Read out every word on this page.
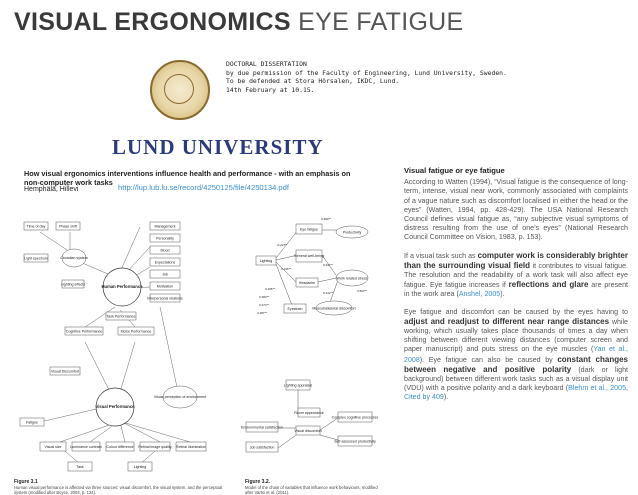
VISUAL ERGONOMICS EYE FATIGUE
DOCTORAL DISSERTATION
by due permission of the Faculty of Engineering, Lund University, Sweden.
To be defended at Stora Hörsalen, IKDC, Lund.
14th February at 10.15.
LUND UNIVERSITY
How visual ergonomics interventions influence health and performance - with an emphasis on non-computer work tasks
Hemphälä, Hillevi	http://lup.lub.lu.se/record/4250125/file/4250134.pdf
Time of day	Phase shift
Circadian system
Light spectrum
Lighting effects	Human Performance
Management
Personality
Mood
Expectations
Job
Motivation
Interpersonal relations
Task Performance
Cognitive Performance	Motor Performance
Visual Performance
Visual Discomfort
Visual perception of environment
Visual size Luminance contrast Colour difference Retinal image quality Retinal illumination
Task	Lighting
Fatigue
Figure 3.1
Human visual performance is affected via three sources: visual discomfort, the visual system, and the perceptual system (modified after Boyce, 2003, p. 124).
Eye fatigue
Productivity
Lighting
General well-being
Headache
Work related stress
Eyestrain	Musculoskeletal discomfort
0.390**
-0.227**
0.236**
0.347**
0.295**
0.442**
0.383**
0.503**
0.274**
0.387**
Lighting appraisal
Room appearance
Environmental satisfaction
Visual discomfort
Job satisfaction
Complex cognitive processes
Self-assessed productivity
Figure 3.2.
Model of the chain of variables that influence work behaviours, modified after Vartsi et al. (2011).
Visual fatigue or eye fatigue

According to Watten (1994), “Visual fatigue is the consequence of long-term, intense, visual near work, commonly associated with complaints of a vague nature such as discomfort localised in either the head or the eyes” (Watten, 1994, pp. 428-429). The USA National Research Council defines visual fatigue as, “any subjective visual symptoms of distress resulting from the use of one’s eyes” (National Research Council Committee on Vision, 1983, p. 153).

If a visual task such as computer work is considerably brighter than the surrounding visual field it contributes to visual fatigue. The resolution and the readability of a work task will also affect eye fatigue. Eye fatigue increases if reflections and glare are present in the work area (Anshel, 2005).

Eye fatigue and discomfort can be caused by the eyes having to adjust and readjust to different near range distances while working, which usually takes place thousands of times a day when shifting between different viewing distances (computer screen and paper manuscript) and puts stress on the eye muscles (Yan et al., 2008). Eye fatigue can also be caused by constant changes between negative and positive polarity (dark or light background) between different work tasks such as a visual display unit (VDU) with a positive polarity and a dark keyboard (Blehm et al., 2005, Cited by 409).
